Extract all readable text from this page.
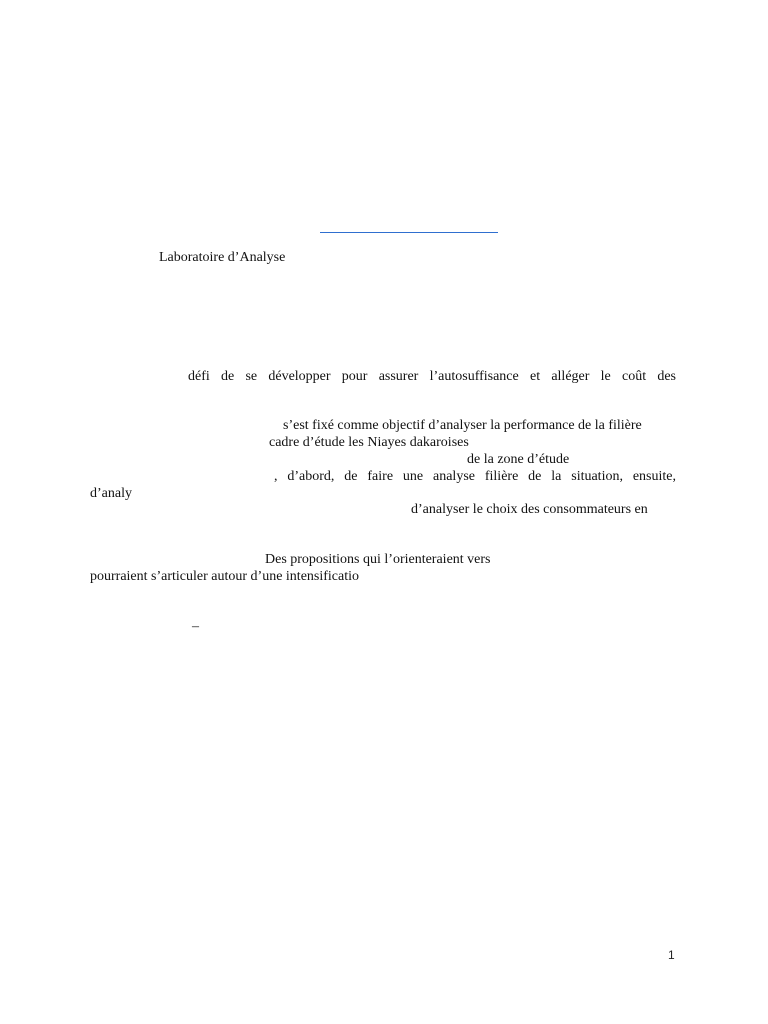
Laboratoire d’Analyse
défi de se développer pour assurer l’autosuffisance et alléger le coût des
s’est fixé comme objectif d’analyser la performance de la filière
cadre d’étude les Niayes dakaroises
de la zone d’étude
, d’abord, de faire une analyse filière de la situation, ensuite,
d’analy
d’analyser le choix des consommateurs en
Des propositions qui l’orienteraient vers
pourraient s’articuler autour d’une intensificatio
–
1
